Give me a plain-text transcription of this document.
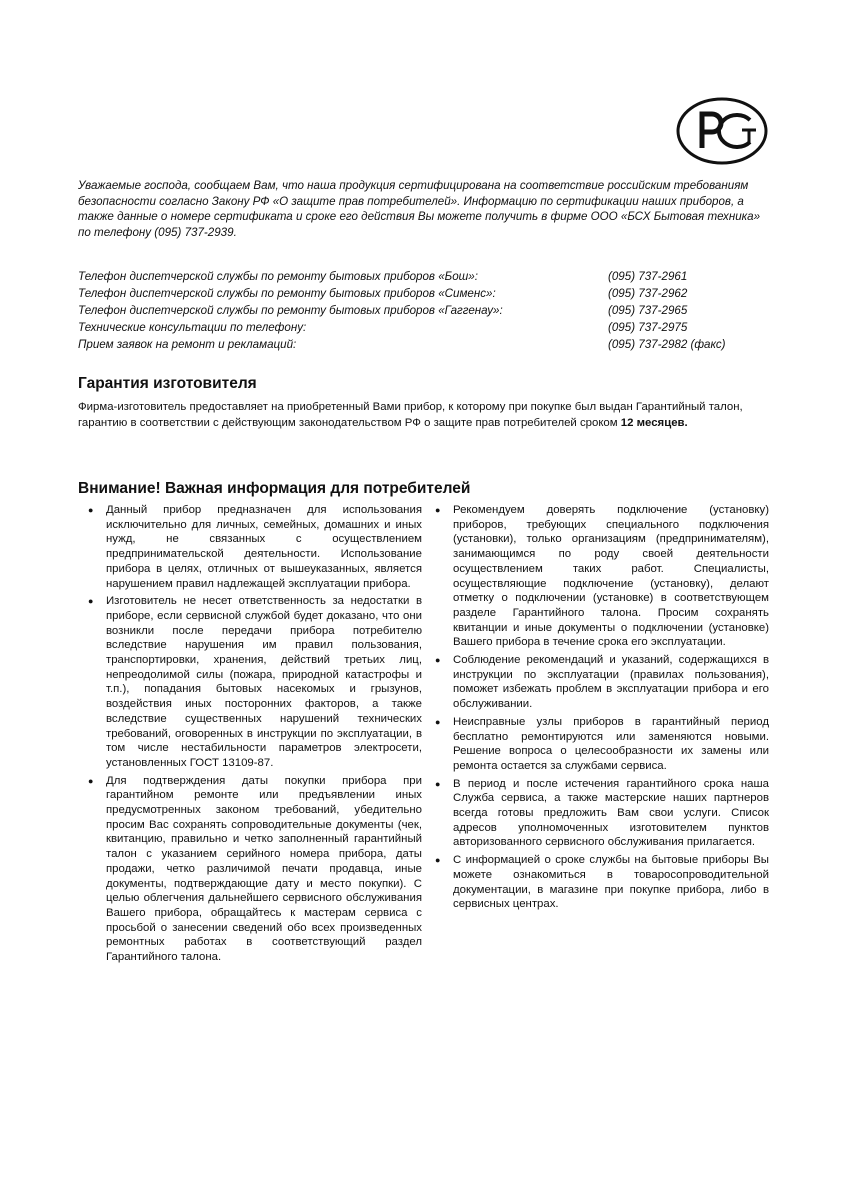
Уважаемые господа, сообщаем Вам, что наша продукция сертифицирована на соответствие российским требованиям безопасности согласно Закону РФ «О защите прав потребителей». Информацию по сертификации наших приборов, а также данные о номере сертификата и сроке его действия Вы можете получить в фирме ООО «БСХ Бытовая техника» по телефону (095) 737-2939.

Телефон диспетчерской службы по ремонту бытовых приборов «Бош»:	(095) 737-2961
Телефон диспетчерской службы по ремонту бытовых приборов «Сименс»:	(095) 737-2962
Телефон диспетчерской службы по ремонту бытовых приборов «Гаггенау»:	(095) 737-2965
Технические консультации по телефону:	(095) 737-2975
Прием заявок на ремонт и рекламаций:	(095) 737-2982 (факс)
Гарантия изготовителя

Фирма-изготовитель предоставляет на приобретенный Вами прибор, к которому при покупке был выдан Гарантийный талон, гарантию в соответствии с действующим законодательством РФ о защите прав потребителей сроком 12 месяцев.

Внимание! Важная информация для потребителей
● Данный прибор предназначен для использования исключительно для личных, семейных, домашних и иных нужд, не связанных с осуществлением предпринимательской деятельности. Использование прибора в целях, отличных от вышеуказанных, является нарушением правил надлежащей эксплуатации прибора.
● Изготовитель не несет ответственность за недостатки в приборе, если сервисной службой будет доказано, что они возникли после передачи прибора потребителю вследствие нарушения им правил пользования, транспортировки, хранения, действий третьих лиц, непреодолимой силы (пожара, природной катастрофы и т.п.), попадания бытовых насекомых и грызунов, воздействия иных посторонних факторов, а также вследствие существенных нарушений технических требований, оговоренных в инструкции по эксплуатации, в том числе нестабильности параметров электросети, установленных ГОСТ 13109-87.
● Для подтверждения даты покупки прибора при гарантийном ремонте или предъявлении иных предусмотренных законом требований, убедительно просим Вас сохранять сопроводительные документы (чек, квитанцию, правильно и четко заполненный гарантийный талон с указанием серийного номера прибора, даты продажи, четко различимой печати продавца, иные документы, подтверждающие дату и место покупки). С целью облегчения дальнейшего сервисного обслуживания Вашего прибора, обращайтесь к мастерам сервиса с просьбой о занесении сведений обо всех произведенных ремонтных работах в соответствующий раздел Гарантийного талона.
● Рекомендуем доверять подключение (установку) приборов, требующих специального подключения (установки), только организациям (предпринимателям), занимающимся по роду своей деятельности осуществлением таких работ. Специалисты, осуществляющие подключение (установку), делают отметку о подключении (установке) в соответствующем разделе Гарантийного талона. Просим сохранять квитанции и иные документы о подключении (установке) Вашего прибора в течение срока его эксплуатации.
● Соблюдение рекомендаций и указаний, содержащихся в инструкции по эксплуатации (правилах пользования), поможет избежать проблем в эксплуатации прибора и его обслуживании.
● Неисправные узлы приборов в гарантийный период бесплатно ремонтируются или заменяются новыми. Решение вопроса о целесообразности их замены или ремонта остается за службами сервиса.
● В период и после истечения гарантийного срока наша Служба сервиса, а также мастерские наших партнеров всегда готовы предложить Вам свои услуги. Список адресов уполномоченных изготовителем пунктов авторизованного сервисного обслуживания прилагается.
● С информацией о сроке службы на бытовые приборы Вы можете ознакомиться в товаросопроводительной документации, в магазине при покупке прибора, либо в сервисных центрах.
